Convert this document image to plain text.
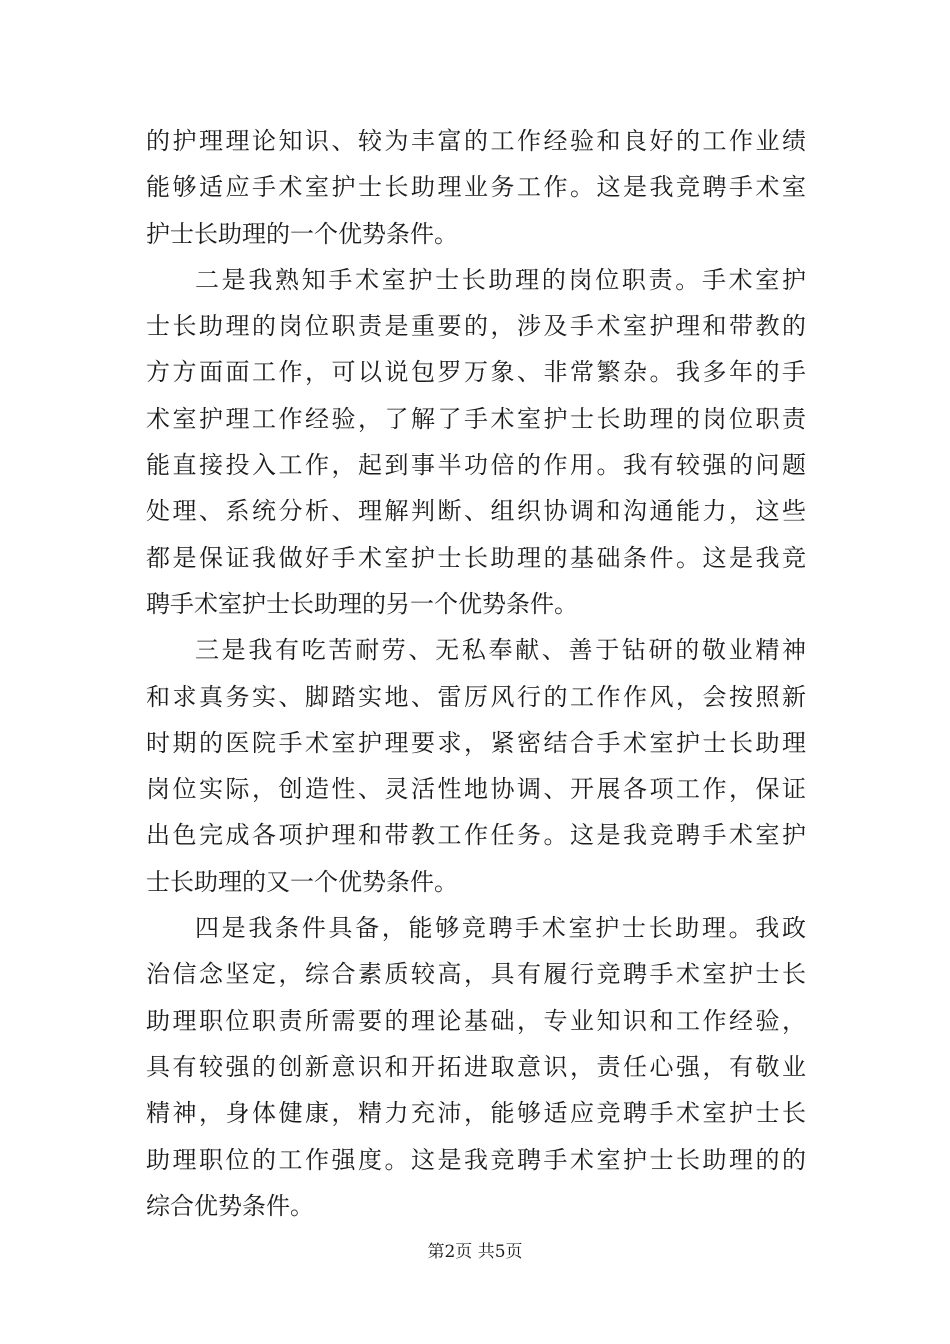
的护理理论知识、较为丰富的工作经验和良好的工作业绩
能够适应手术室护士长助理业务工作。这是我竞聘手术室
护士长助理的一个优势条件。
二是我熟知手术室护士长助理的岗位职责。手术室护
士长助理的岗位职责是重要的，涉及手术室护理和带教的
方方面面工作，可以说包罗万象、非常繁杂。我多年的手
术室护理工作经验，了解了手术室护士长助理的岗位职责
能直接投入工作，起到事半功倍的作用。我有较强的问题
处理、系统分析、理解判断、组织协调和沟通能力，这些
都是保证我做好手术室护士长助理的基础条件。这是我竞
聘手术室护士长助理的另一个优势条件。
三是我有吃苦耐劳、无私奉献、善于钻研的敬业精神
和求真务实、脚踏实地、雷厉风行的工作作风，会按照新
时期的医院手术室护理要求，紧密结合手术室护士长助理
岗位实际，创造性、灵活性地协调、开展各项工作，保证
出色完成各项护理和带教工作任务。这是我竞聘手术室护
士长助理的又一个优势条件。
四是我条件具备，能够竞聘手术室护士长助理。我政
治信念坚定，综合素质较高，具有履行竞聘手术室护士长
助理职位职责所需要的理论基础，专业知识和工作经验，
具有较强的创新意识和开拓进取意识，责任心强，有敬业
精神，身体健康，精力充沛，能够适应竞聘手术室护士长
助理职位的工作强度。这是我竞聘手术室护士长助理的的
综合优势条件。
第2页 共5页
